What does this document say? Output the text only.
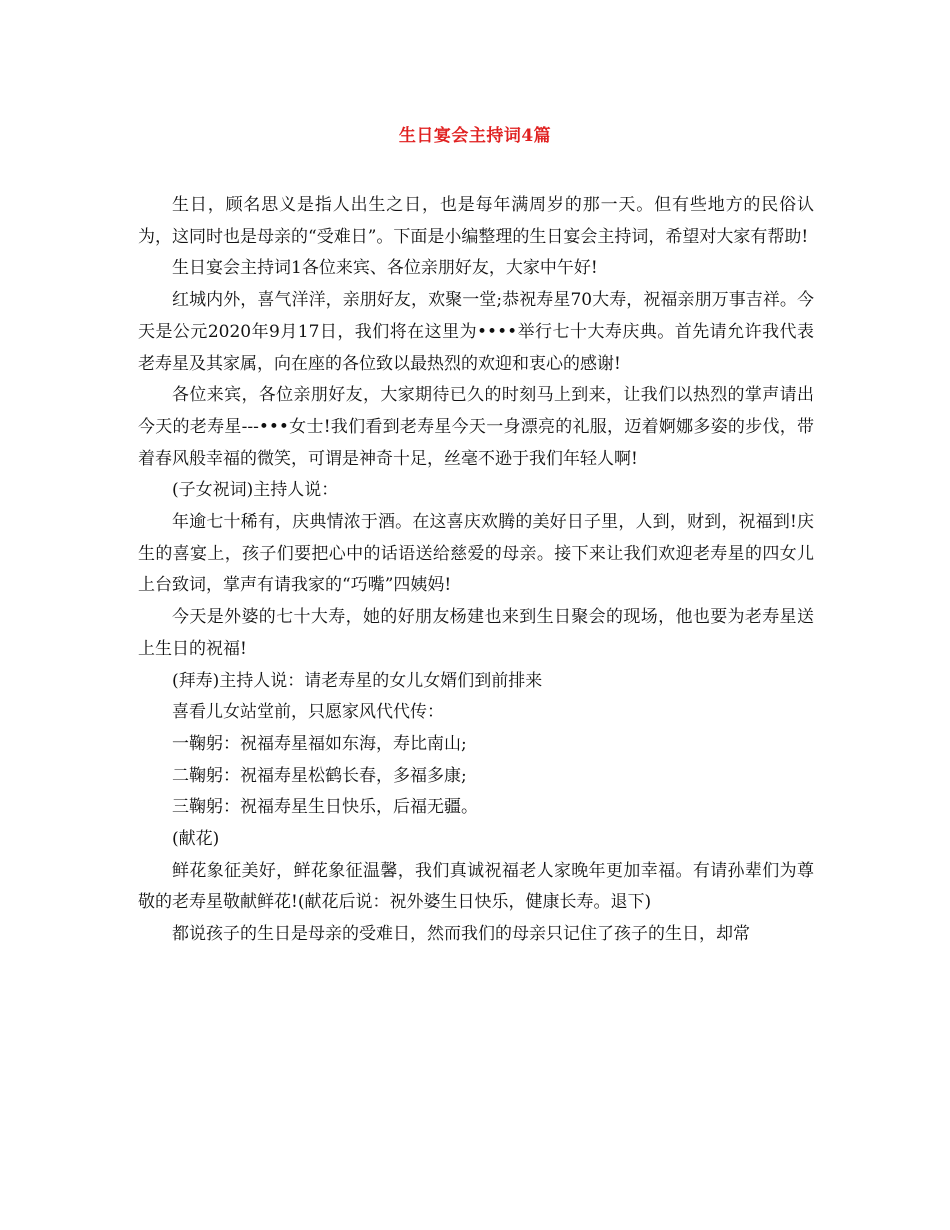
生日宴会主持词4篇

生日，顾名思义是指人出生之日，也是每年满周岁的那一天。但有些地方的民俗认为，这同时也是母亲的“受难日”。下面是小编整理的生日宴会主持词，希望对大家有帮助!

生日宴会主持词1各位来宾、各位亲朋好友，大家中午好!

红城内外，喜气洋洋，亲朋好友，欢聚一堂;恭祝寿星70大寿，祝福亲朋万事吉祥。今天是公元2020年9月17日，我们将在这里为••••举行七十大寿庆典。首先请允许我代表老寿星及其家属，向在座的各位致以最热烈的欢迎和衷心的感谢!

各位来宾，各位亲朋好友，大家期待已久的时刻马上到来，让我们以热烈的掌声请出今天的老寿星---•••女士!我们看到老寿星今天一身漂亮的礼服，迈着婀娜多姿的步伐，带着春风般幸福的微笑，可谓是神奇十足，丝毫不逊于我们年轻人啊!

(子女祝词)主持人说：

年逾七十稀有，庆典情浓于酒。在这喜庆欢腾的美好日子里，人到，财到，祝福到!庆生的喜宴上，孩子们要把心中的话语送给慈爱的母亲。接下来让我们欢迎老寿星的四女儿上台致词，掌声有请我家的“巧嘴”四姨妈!

今天是外婆的七十大寿，她的好朋友杨建也来到生日聚会的现场，他也要为老寿星送上生日的祝福!

(拜寿)主持人说：请老寿星的女儿女婿们到前排来

喜看儿女站堂前，只愿家风代代传：

一鞠躬：祝福寿星福如东海，寿比南山;

二鞠躬：祝福寿星松鹤长春，多福多康;

三鞠躬：祝福寿星生日快乐，后福无疆。

(献花)

鲜花象征美好，鲜花象征温馨，我们真诚祝福老人家晚年更加幸福。有请孙辈们为尊敬的老寿星敬献鲜花!(献花后说：祝外婆生日快乐，健康长寿。退下)

都说孩子的生日是母亲的受难日，然而我们的母亲只记住了孩子的生日，却常
